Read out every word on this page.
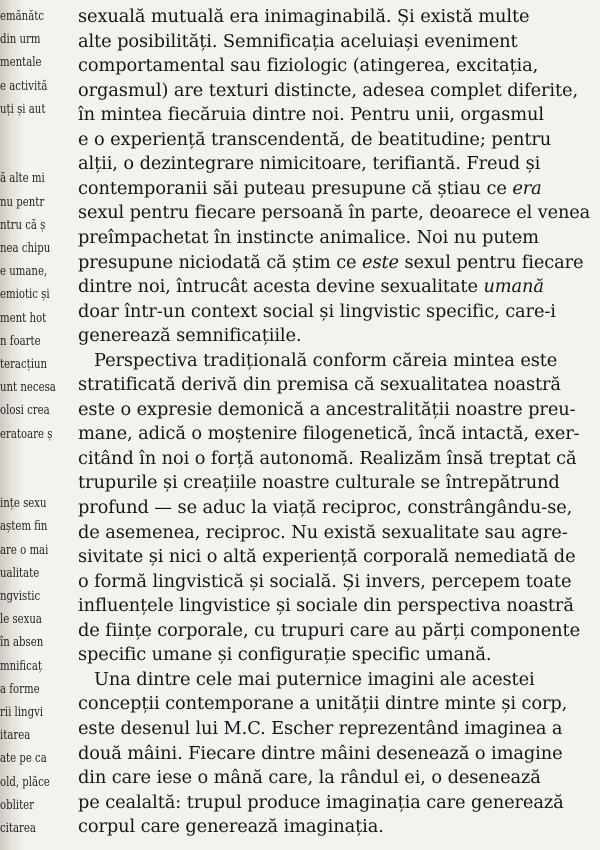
emănătc
din urm
mentale
e activită
uți și aut
ă alte mi
nu pentr
ntru că ș
nea chipu
e umane,
emiotic și
ment hot
n foarte
teracțiun
unt necesa
olosi crea
eratoare ș
ințe sexu
aștem fin
are o mai
ualitate
ngvistic
le sexua
în absen
mnificaț
a forme
rii lingvi
itarea
ate pe ca
old, plăce
obliter
citarea
sexuală mutuală era inimaginabilă. Și există multe
alte posibilități. Semnificația aceluiași eveniment
comportamental sau fiziologic (atingerea, excitația,
orgasmul) are texturi distincte, adesea complet diferite,
în mintea fiecăruia dintre noi. Pentru unii, orgasmul
e o experiență transcendentă, de beatitudine; pentru
alții, o dezintegrare nimicitoare, terifiantă. Freud și
contemporanii săi puteau presupune că știau ce era
sexul pentru fiecare persoană în parte, deoarece el venea
preîmpachetat în instincte animalice. Noi nu putem
presupune niciodată că știm ce este sexul pentru fiecare
dintre noi, întrucât acesta devine sexualitate umană
doar într-un context social și lingvistic specific, care-i
generează semnificațiile.
Perspectiva tradițională conform căreia mintea este
stratificată derivă din premisa că sexualitatea noastră
este o expresie demonică a ancestralității noastre preu-
mane, adică o moștenire filogenetică, încă intactă, exer-
citând în noi o forță autonomă. Realizăm însă treptat că
trupurile și creațiile noastre culturale se întrepătrund
profund — se aduc la viață reciproc, constrângându-se,
de asemenea, reciproc. Nu există sexualitate sau agre-
sivitate și nici o altă experiență corporală nemediată de
o formă lingvistică și socială. Și invers, percepem toate
influențele lingvistice și sociale din perspectiva noastră
de ființe corporale, cu trupuri care au părți componente
specific umane și configurație specific umană.
Una dintre cele mai puternice imagini ale acestei
concepții contemporane a unității dintre minte și corp,
este desenul lui M.C. Escher reprezentând imaginea a
două mâini. Fiecare dintre mâini desenează o imagine
din care iese o mână care, la rândul ei, o desenează
pe cealaltă: trupul produce imaginația care generează
corpul care generează imaginația.
